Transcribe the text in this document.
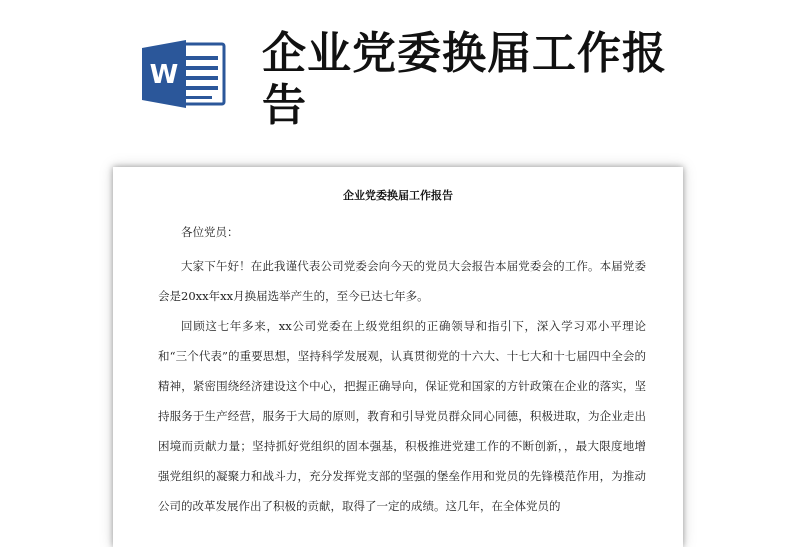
W 企业党委换届工作报告
企业党委换届工作报告

各位党员：

大家下午好！在此我谨代表公司党委会向今天的党员大会报告本届党委会的工作。本届党委会是20xx年xx月换届选举产生的，至今已达七年多。

回顾这七年多来，xx公司党委在上级党组织的正确领导和指引下，深入学习邓小平理论和“三个代表”的重要思想，坚持科学发展观，认真贯彻党的十六大、十七大和十七届四中全会的精神，紧密围绕经济建设这个中心，把握正确导向，保证党和国家的方针政策在企业的落实，坚持服务于生产经营，服务于大局的原则，教育和引导党员群众同心同德，积极进取，为企业走出困境而贡献力量；坚持抓好党组织的固本强基，积极推进党建工作的不断创新，，最大限度地增强党组织的凝聚力和战斗力，充分发挥党支部的坚强的堡垒作用和党员的先锋模范作用，为推动公司的改革发展作出了积极的贡献，取得了一定的成绩。这几年，在全体党员的
